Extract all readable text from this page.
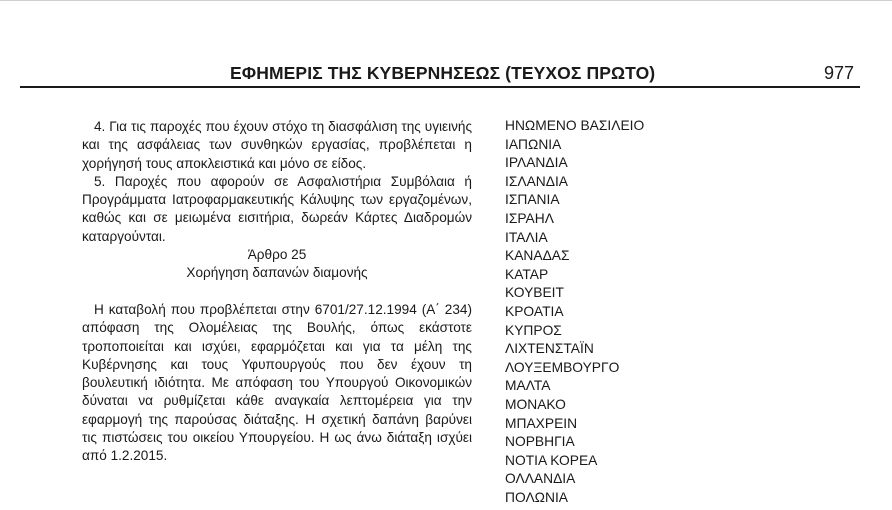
ΕΦΗΜΕΡΙΣ ΤΗΣ ΚΥΒΕΡΝΗΣΕΩΣ (ΤΕΥΧΟΣ ΠΡΩΤΟ)	977

4. Για τις παροχές που έχουν στόχο τη διασφάλιση της υγιεινής και της ασφάλειας των συνθηκών εργασίας, προβλέπεται η χορήγησή τους αποκλειστικά και μόνο σε είδος.

5. Παροχές που αφορούν σε Ασφαλιστήρια Συμβόλαια ή Προγράμματα Ιατροφαρμακευτικής Κάλυψης των εργαζομένων, καθώς και σε μειωμένα εισιτήρια, δωρεάν Κάρτες Διαδρομών καταργούνται.

Άρθρο 25

Χορήγηση δαπανών διαμονής

Η καταβολή που προβλέπεται στην 6701/27.12.1994 (Α΄ 234) απόφαση της Ολομέλειας της Βουλής, όπως εκάστοτε τροποποιείται και ισχύει, εφαρμόζεται και για τα μέλη της Κυβέρνησης και τους Υφυπουργούς που δεν έχουν τη βουλευτική ιδιότητα. Με απόφαση του Υπουργού Οικονομικών δύναται να ρυθμίζεται κάθε αναγκαία λεπτομέρεια για την εφαρμογή της παρούσας διάταξης. Η σχετική δαπάνη βαρύνει τις πιστώσεις του οικείου Υπουργείου. Η ως άνω διάταξη ισχύει από 1.2.2015.

ΗΝΩΜΕΝΟ ΒΑΣΙΛΕΙΟ
ΙΑΠΩΝΙΑ
ΙΡΛΑΝΔΙΑ
ΙΣΛΑΝΔΙΑ
ΙΣΠΑΝΙΑ
ΙΣΡΑΗΛ
ΙΤΑΛΙΑ
ΚΑΝΑΔΑΣ
ΚΑΤΑΡ
ΚΟΥΒΕΙΤ
ΚΡΟΑΤΙΑ
ΚΥΠΡΟΣ
ΛΙΧΤΕΝΣΤΑΪΝ
ΛΟΥΞΕΜΒΟΥΡΓΟ
ΜΑΛΤΑ
ΜΟΝΑΚΟ
ΜΠΑΧΡΕΙΝ
ΝΟΡΒΗΓΙΑ
ΝΟΤΙΑ ΚΟΡΕΑ
ΟΛΛΑΝΔΙΑ
ΠΟΛΩΝΙΑ
